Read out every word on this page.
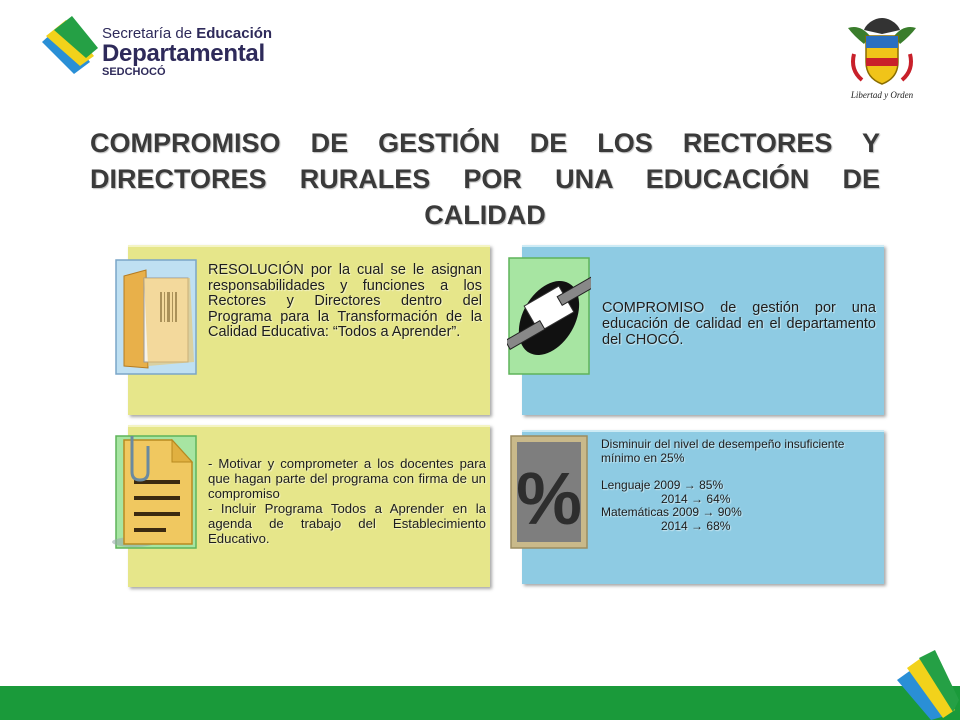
Secretaría de Educación
Departamental
SEDCHOCÓ
Libertad y Orden
COMPROMISO DE GESTIÓN DE LOS RECTORES Y DIRECTORES RURALES POR UNA EDUCACIÓN DE CALIDAD
RESOLUCIÓN por la cual se le asignan responsabilidades y funciones a los Rectores y Directores dentro del Programa para la Transformación de la Calidad Educativa: “Todos a Aprender”.
COMPROMISO de gestión por una educación de calidad en el departamento del CHOCÓ.
- Motivar y comprometer a los docentes para que hagan parte del programa con firma de un compromiso
- Incluir Programa Todos a Aprender en la agenda de trabajo del Establecimiento Educativo.	%
Disminuir del nivel de desempeño insuficiente mínimo en 25%
Lenguaje 2009 → 85%
2014 → 64%
Matemáticas 2009 → 90%
2014 → 68%
